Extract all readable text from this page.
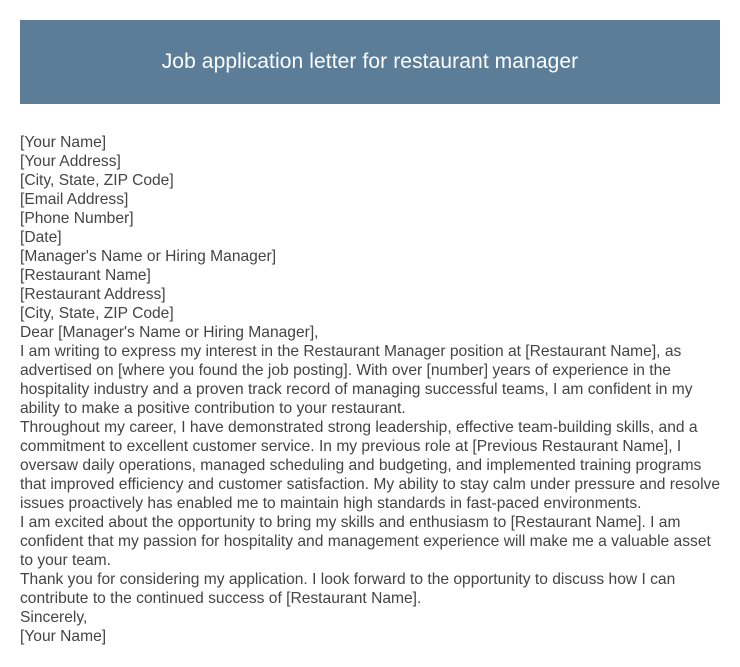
Job application letter for restaurant manager
[Your Name]
[Your Address]
[City, State, ZIP Code]
[Email Address]
[Phone Number]
[Date]
[Manager's Name or Hiring Manager]
[Restaurant Name]
[Restaurant Address]
[City, State, ZIP Code]
Dear [Manager's Name or Hiring Manager],
I am writing to express my interest in the Restaurant Manager position at [Restaurant Name], as advertised on [where you found the job posting]. With over [number] years of experience in the hospitality industry and a proven track record of managing successful teams, I am confident in my ability to make a positive contribution to your restaurant.
Throughout my career, I have demonstrated strong leadership, effective team-building skills, and a commitment to excellent customer service. In my previous role at [Previous Restaurant Name], I oversaw daily operations, managed scheduling and budgeting, and implemented training programs that improved efficiency and customer satisfaction. My ability to stay calm under pressure and resolve issues proactively has enabled me to maintain high standards in fast-paced environments.
I am excited about the opportunity to bring my skills and enthusiasm to [Restaurant Name]. I am confident that my passion for hospitality and management experience will make me a valuable asset to your team.
Thank you for considering my application. I look forward to the opportunity to discuss how I can contribute to the continued success of [Restaurant Name].
Sincerely,
[Your Name]
